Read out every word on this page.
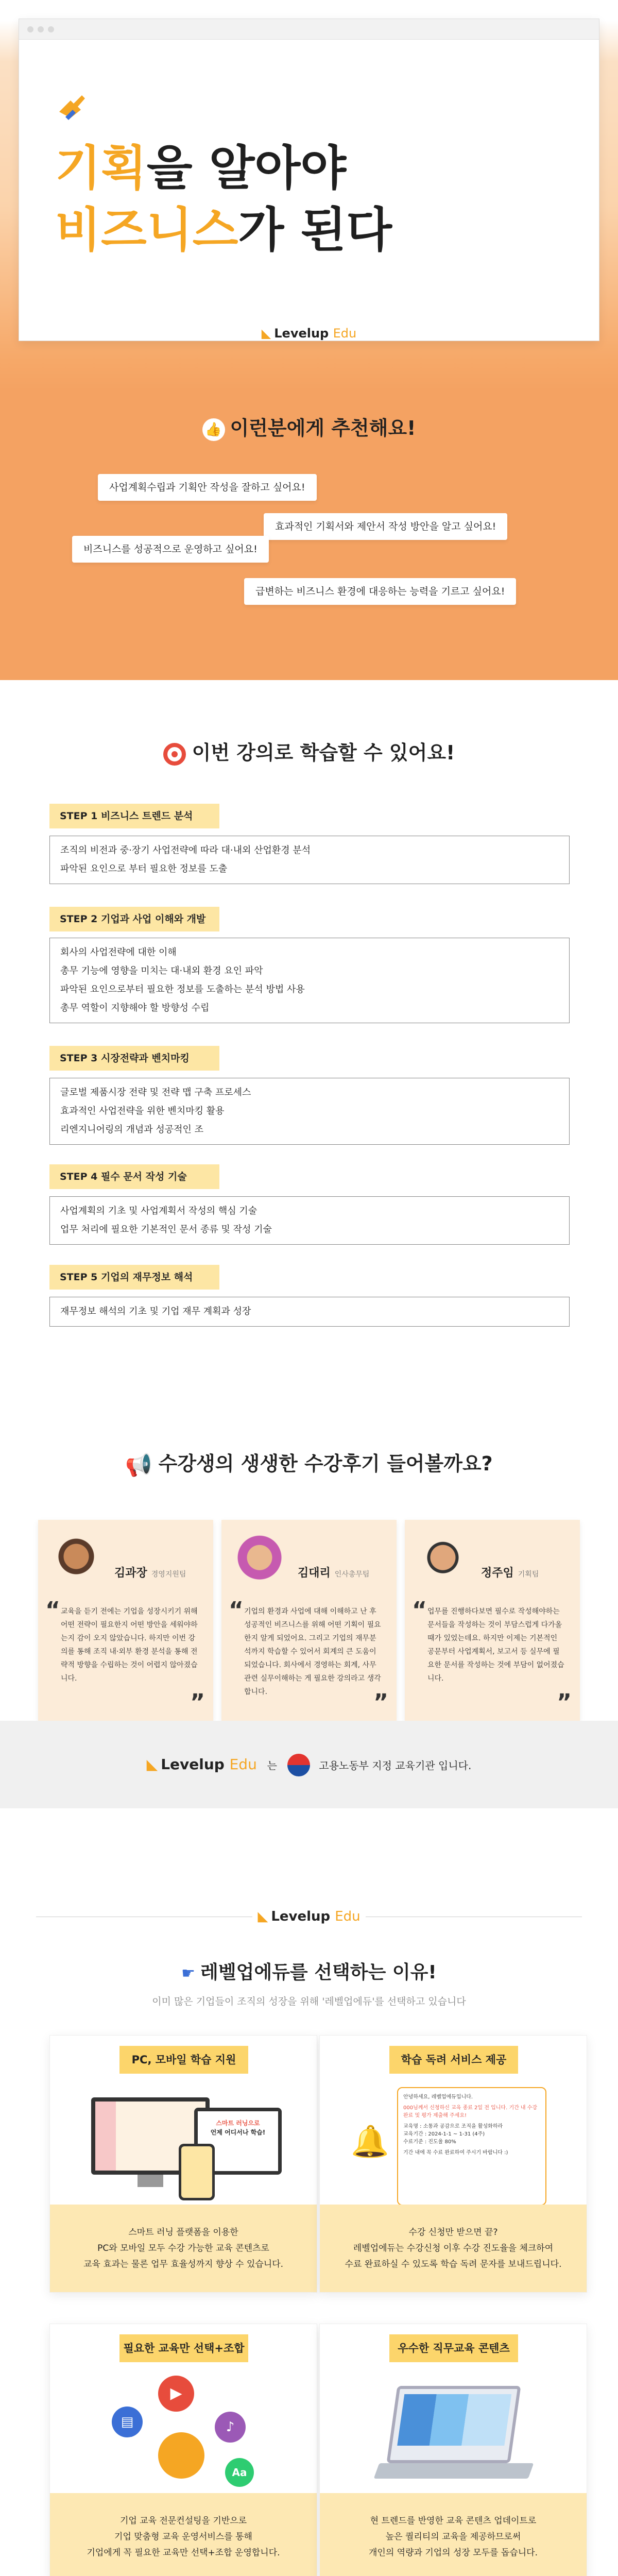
기획을 알아야
비즈니스가 된다
◣ Levelup Edu
👍 이런분에게 추천해요!
사업계획수립과 기획안 작성을 잘하고 싶어요!
효과적인 기획서와 제안서 작성 방안을 알고 싶어요!
비즈니스를 성공적으로 운영하고 싶어요!
급변하는 비즈니스 환경에 대응하는 능력을 기르고 싶어요!
이번 강의로 학습할 수 있어요!
STEP 1 비즈니스 트렌드 분석
조직의 비전과 중·장기 사업전략에 따라 대·내외 산업환경 분석
파악된 요인으로 부터 필요한 정보를 도출
STEP 2 기업과 사업 이해와 개발
회사의 사업전략에 대한 이해
총무 기능에 영향을 미치는 대·내외 환경 요인 파악
파악된 요인으로부터 필요한 정보를 도출하는 분석 방법 사용
총무 역할이 지향해야 할 방향성 수립
STEP 3 시장전략과 벤치마킹
글로벌 제품시장 전략 및 전략 맵 구축 프로세스
효과적인 사업전략을 위한 벤치마킹 활용
리엔지니어링의 개념과 성공적인 조
STEP 4 필수 문서 작성 기술
사업계획의 기초 및 사업계획서 작성의 핵심 기술
업무 처리에 필요한 기본적인 문서 종류 및 작성 기술
STEP 5 기업의 재무정보 해석
재무정보 해석의 기초 및 기업 재무 계획과 성장
📢 수강생의 생생한 수강후기 들어볼까요?
김과장 경영지원팀
“ 교육을 듣기 전에는 기업을 성장시키기 위해 어떤 전략이 필요한지 어떤 방안을 세워야하는지 감이 오지 않았습니다. 하지만 이번 강의를 통해 조직 내·외부 환경 분석을 통해 전략적 방향을 수립하는 것이 어렵지 않아졌습니다.
”
김대리 인사총무팀
“ 기업의 환경과 사업에 대해 이해하고 난 후 성공적인 비즈니스를 위해 어떤 기획이 필요한지 알게 되었어요. 그리고 기업의 재무분석까지 학습할 수 있어서 회계의 큰 도움이 되었습니다. 회사에서 경영하는 회계, 사무 관련 실무이해하는 게 필요한 강의라고 생각합니다.	”
정주임 기획팀
“ 업무를 진행하다보면 필수로 작성해야하는 문서들을 작성하는 것이 부담스럽게 다가올 때가 있었는데요. 하지만 이제는 기본적인 공문부터 사업계획서, 보고서 등 실무에 필요한 문서를 작성하는 것에 부담이 없어졌습니다.
”
◣ Levelup Edu 는	고용노동부 지정 교육기관 입니다.
◣ Levelup Edu
☛ 레벨업에듀를 선택하는 이유!
이미 많은 기업들이 조직의 성장을 위해 '레벨업에듀'를 선택하고 있습니다
PC, 모바일 학습 지원
스마트 러닝으로
언제 어디서나 학습!
스마트 러닝 플랫폼을 이용한
PC와 모바일 모두 수강 가능한 교육 콘텐츠로
교육 효과는 물론 업무 효율성까지 향상 수 있습니다.
학습 독려 서비스 제공
🔔
안녕하세요, 레벨업에듀입니다.
000님께서 신청하신 교육 종료 2일 전 입니다. 기간 내 수강 완료 및 평가 제출해 주세요!
교육명 : 소통과 공감으로 조직을 활성화하라
교육기간 : 2024-1-1 ~ 1-31 (4주)
수료기준 : 진도율 80%
기간 내에 꼭 수료 완료하여 주시기 바랍니다 :)
수강 신청만 받으면 끝?
레벨업에듀는 수강신청 이후 수강 진도율을 체크하여
수료 완료하실 수 있도록 학습 독려 문자를 보내드립니다.
필요한 교육만 선택+조합
▶
▤	♪
Aa
기업 교육 전문컨설팅을 기반으로
기업 맞춤형 교육 운영서비스를 통해
기업에게 꼭 필요한 교육만 선택+조합 운영합니다.
우수한 직무교육 콘텐츠
현 트렌드를 반영한 교육 콘텐츠 업데이트로
높은 퀄리티의 교육을 제공하므로써
개인의 역량과 기업의 성장 모두를 돕습니다.
